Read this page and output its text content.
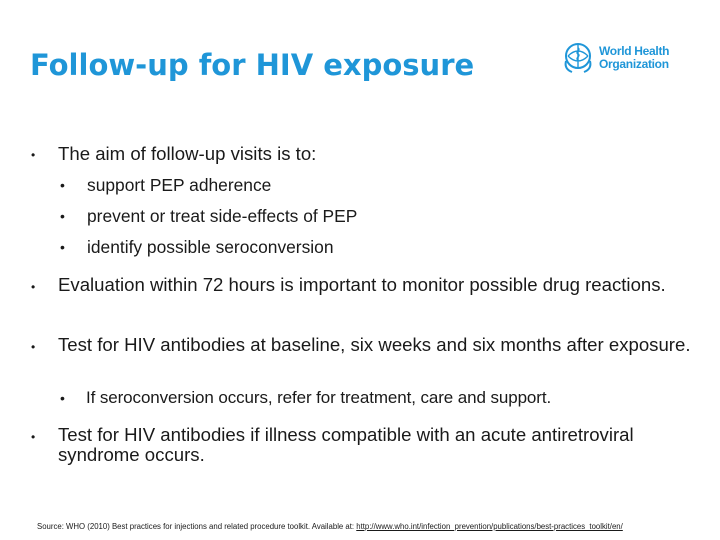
Follow-up for HIV exposure	World Health
Organization
• The aim of follow-up visits is to:
• support PEP adherence
• prevent or treat side-effects of PEP
• identify possible seroconversion
• Evaluation within 72 hours is important to monitor possible drug reactions.
• Test for HIV antibodies at baseline, six weeks and six months after exposure.
• If seroconversion occurs, refer for treatment, care and support.
• Test for HIV antibodies if illness compatible with an acute antiretroviral syndrome occurs.
Source: WHO (2010) Best practices for injections and related procedure toolkit. Available at: http://www.who.int/infection_prevention/publications/best-practices_toolkit/en/
